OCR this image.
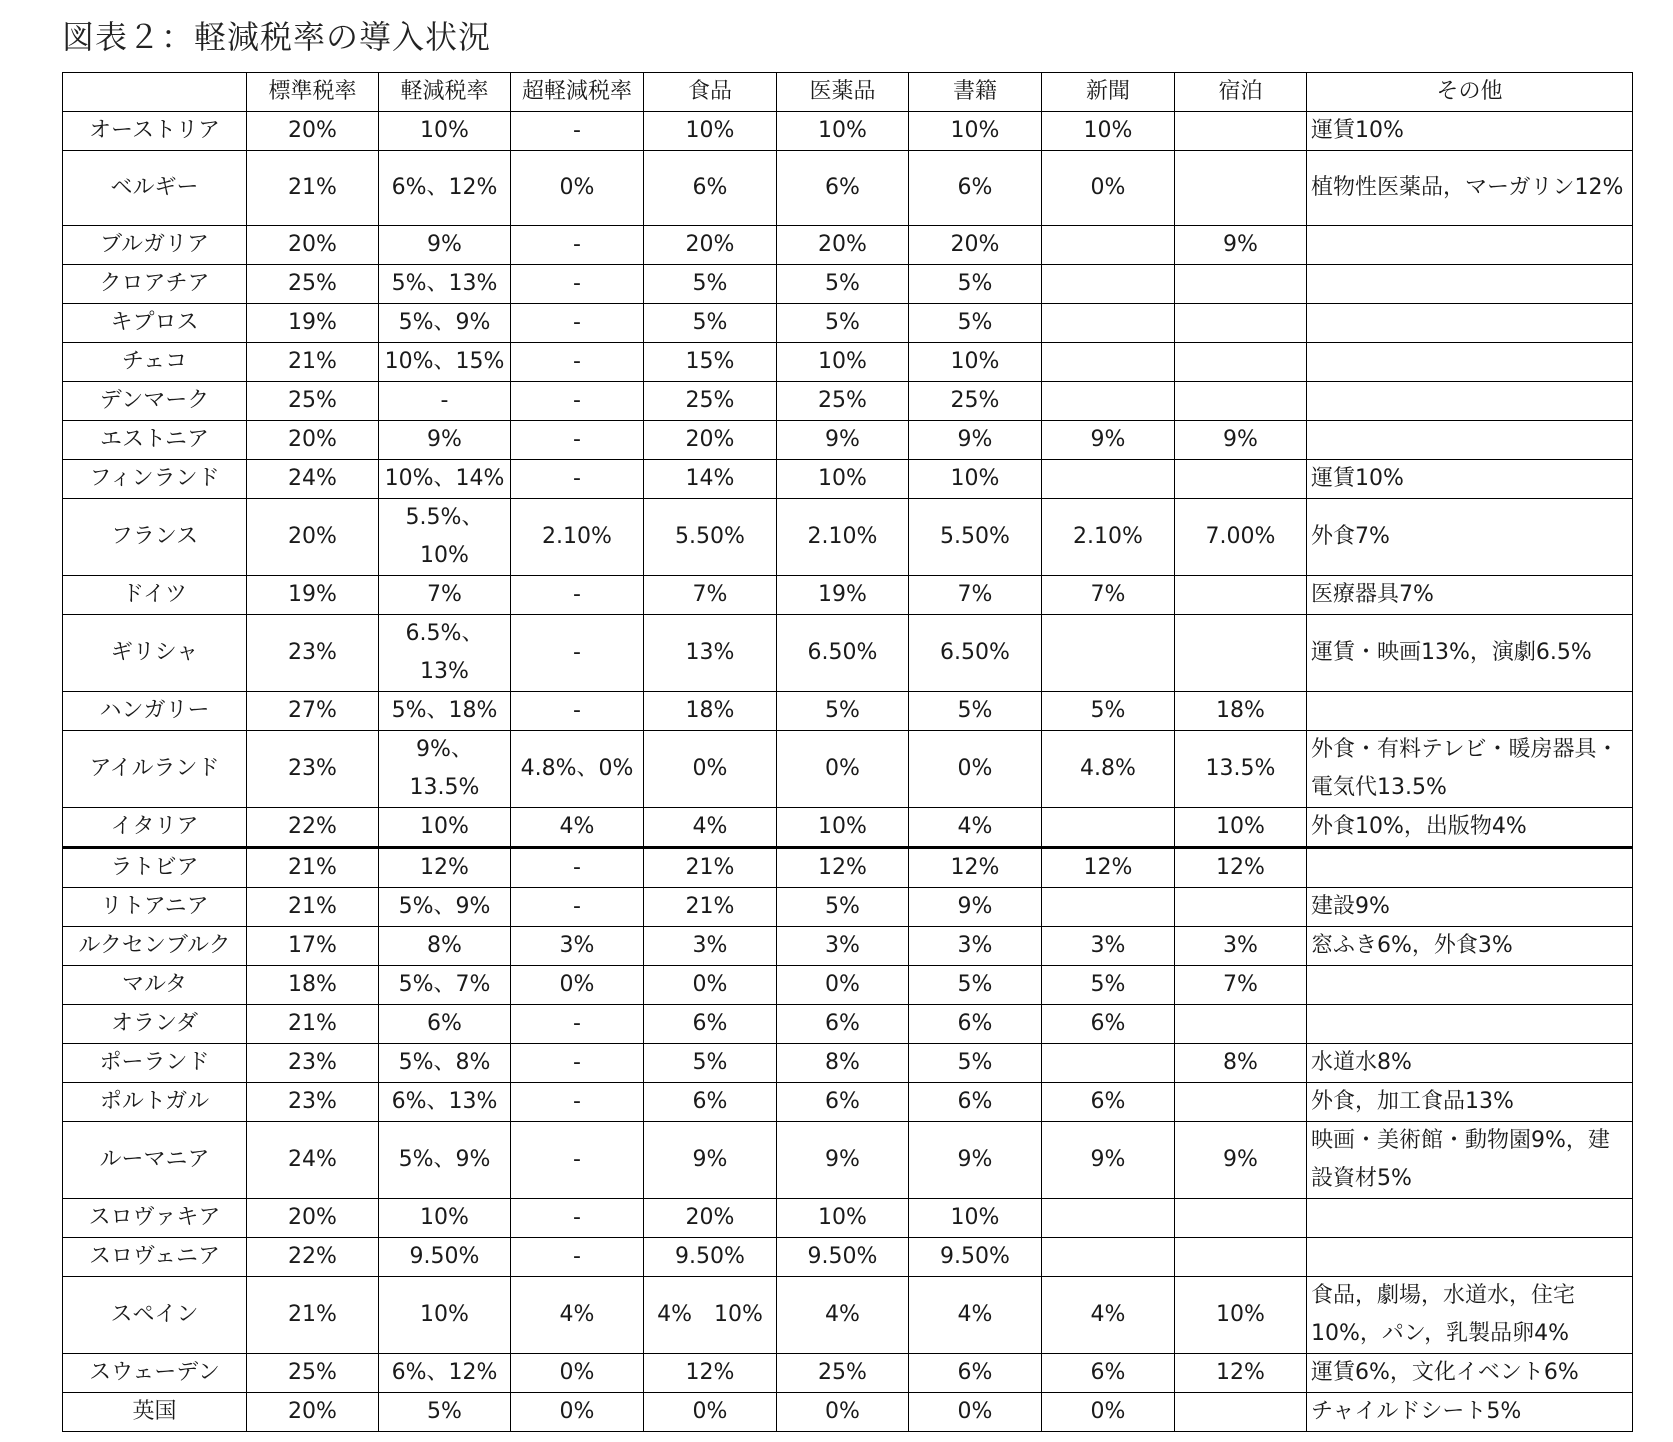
図表２：軽減税率の導入状況
	標準税率	軽減税率	超軽減税率	食品	医薬品	書籍	新聞	宿泊	その他
オーストリア	20%	10%	-	10%	10%	10%	10%		運賃10%
ベルギー	21%	6%、12%	0%	6%	6%	6%	0%		植物性医薬品，マーガリン12%
ブルガリア	20%	9%	-	20%	20%	20%		9%	
クロアチア	25%	5%、13%	-	5%	5%	5%			
キプロス	19%	5%、9%	-	5%	5%	5%			
チェコ	21%	10%、15%	-	15%	10%	10%			
デンマーク	25%	-	-	25%	25%	25%			
エストニア	20%	9%	-	20%	9%	9%	9%	9%	
フィンランド	24%	10%、14%	-	14%	10%	10%			運賃10%
フランス	20%	5.5%、10%	2.10%	5.50%	2.10%	5.50%	2.10%	7.00%	外食7%
ドイツ	19%	7%	-	7%	19%	7%	7%		医療器具7%
ギリシャ	23%	6.5%、13%	-	13%	6.50%	6.50%			運賃・映画13%，演劇6.5%
ハンガリー	27%	5%、18%	-	18%	5%	5%	5%	18%	
アイルランド	23%	9%、13.5%	4.8%、0%	0%	0%	0%	4.8%	13.5%	外食・有料テレビ・暖房器具・電気代13.5%
イタリア	22%	10%	4%	4%	10%	4%		10%	外食10%，出版物4%
ラトビア	21%	12%	-	21%	12%	12%	12%	12%	
リトアニア	21%	5%、9%	-	21%	5%	9%			建設9%
ルクセンブルク	17%	8%	3%	3%	3%	3%	3%	3%	窓ふき6%，外食3%
マルタ	18%	5%、7%	0%	0%	0%	5%	5%	7%	
オランダ	21%	6%	-	6%	6%	6%	6%		
ポーランド	23%	5%、8%	-	5%	8%	5%		8%	水道水8%
ポルトガル	23%	6%、13%	-	6%	6%	6%	6%		外食，加工食品13%
ルーマニア	24%	5%、9%	-	9%	9%	9%	9%	9%	映画・美術館・動物園9%，建設資材5%
スロヴァキア	20%	10%	-	20%	10%	10%			
スロヴェニア	22%	9.50%	-	9.50%	9.50%	9.50%			
スペイン	21%	10%	4%	4%　10%	4%	4%	4%	10%	食品，劇場，水道水，住宅10%，パン，乳製品卵4%
スウェーデン	25%	6%、12%	0%	12%	25%	6%	6%	12%	運賃6%，文化イベント6%
英国	20%	5%	0%	0%	0%	0%	0%		チャイルドシート5%
